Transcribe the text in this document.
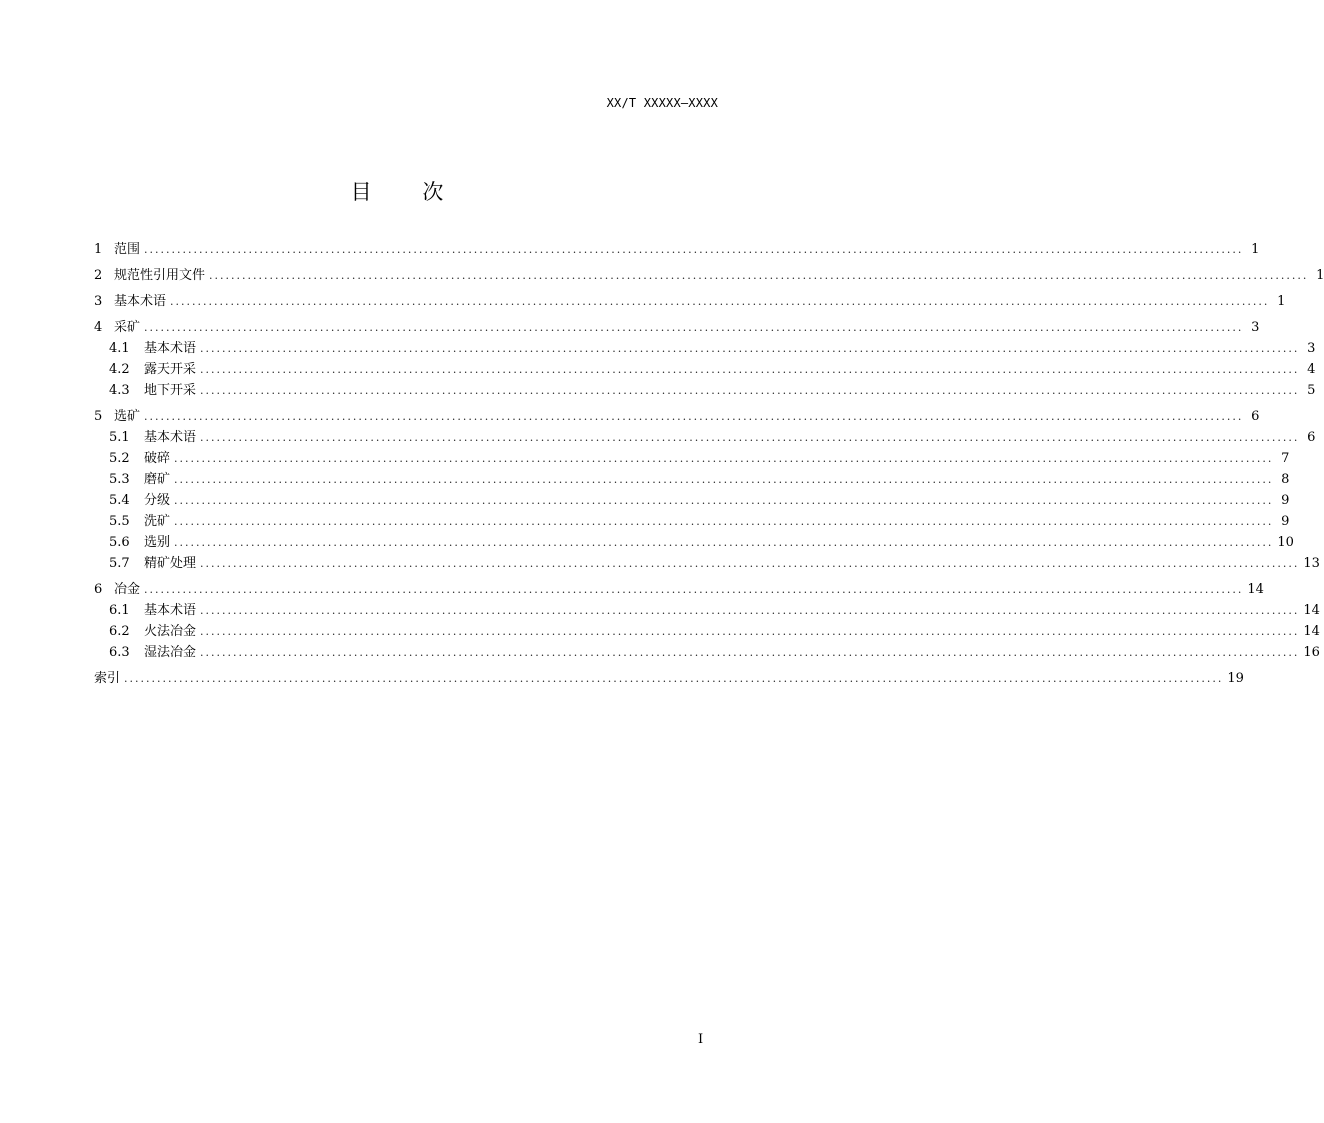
XX/T XXXXX—XXXX
目 次
1 范围 ........................................................................................................................................................................................................ 1
2 规范性引用文件 ........................................................................................................................................................................................................ 1
3 基本术语 ........................................................................................................................................................................................................ 1
4 采矿 ........................................................................................................................................................................................................ 3
4.1	基本术语 ........................................................................................................................................................................................................ 3
4.2	露天开采 ........................................................................................................................................................................................................ 4
4.3	地下开采 ........................................................................................................................................................................................................ 5
5 选矿 ........................................................................................................................................................................................................ 6
5.1	基本术语 ........................................................................................................................................................................................................ 6
5.2	破碎 ........................................................................................................................................................................................................ 7
5.3	磨矿 ........................................................................................................................................................................................................ 8
5.4	分级 ........................................................................................................................................................................................................ 9
5.5	洗矿 ........................................................................................................................................................................................................ 9
5.6	选别 ........................................................................................................................................................................................................ 10
5.7	精矿处理 ........................................................................................................................................................................................................ 13
6 冶金 ........................................................................................................................................................................................................ 14
6.1	基本术语 ........................................................................................................................................................................................................ 14
6.2	火法冶金 ........................................................................................................................................................................................................ 14
6.3	湿法冶金 ........................................................................................................................................................................................................ 16
索引 ........................................................................................................................................................................................................ 19
I
